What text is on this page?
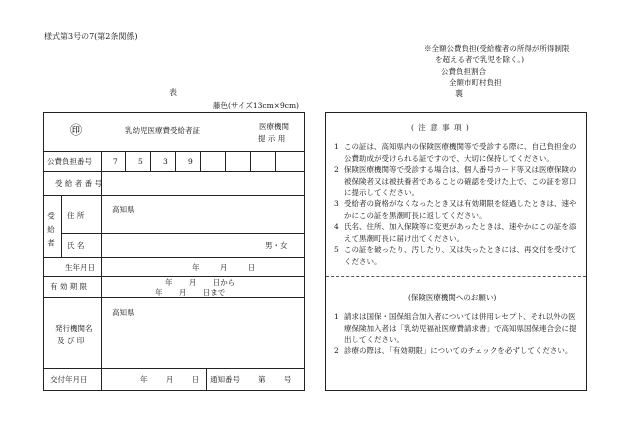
様式第3号の7(第2条関係)
※全額公費負担(受給権者の所得が所得制限
を超える者で乳児を除く。)
公費負担割合
全額市町村負担
裏
表
藤色(サイズ13cm×9cm)
㊞	乳幼児医療費受給者証	医療機関
提 示 用
公費負担番号	7	5	3	9
受 給 者 番 号
受給者 住 所
高知県
氏 名	男・女
生年月日	年 月 日
有 効 期 限	年 月 日から
年 月 日まで
発行機関名
及 び 印
高知県
交付年月日	年 月 日 通知番号 第 号
( 注 意 事 項 )
1 この証は、高知県内の保険医療機関等で受診する際に、自己負担金の公費助成が受けられる証ですので、大切に保持してください。
2 保険医療機関等で受診する場合は、個人番号カード等又は医療保険の被保険者又は被扶養者であることの確認を受けた上で、この証を窓口に提示してください。
3 受給者の資格がなくなったとき又は有効期限を経過したときは、速やかにこの証を黒潮町長に返してください。
4 氏名、住所、加入保険等に変更があったときは、速やかにこの証を添えて黒潮町長に届け出てください。
5 この証を破ったり、汚したり、又は失ったときには、再交付を受けてください。
(保険医療機関へのお願い)
1 請求は国保・国保組合加入者については併用レセプト、それ以外の医療保険加入者は「乳幼児福祉医療費請求書」で高知県国保連合会に提出してください。
2 診療の際は、「有効期限」についてのチェックを必ずしてください。
